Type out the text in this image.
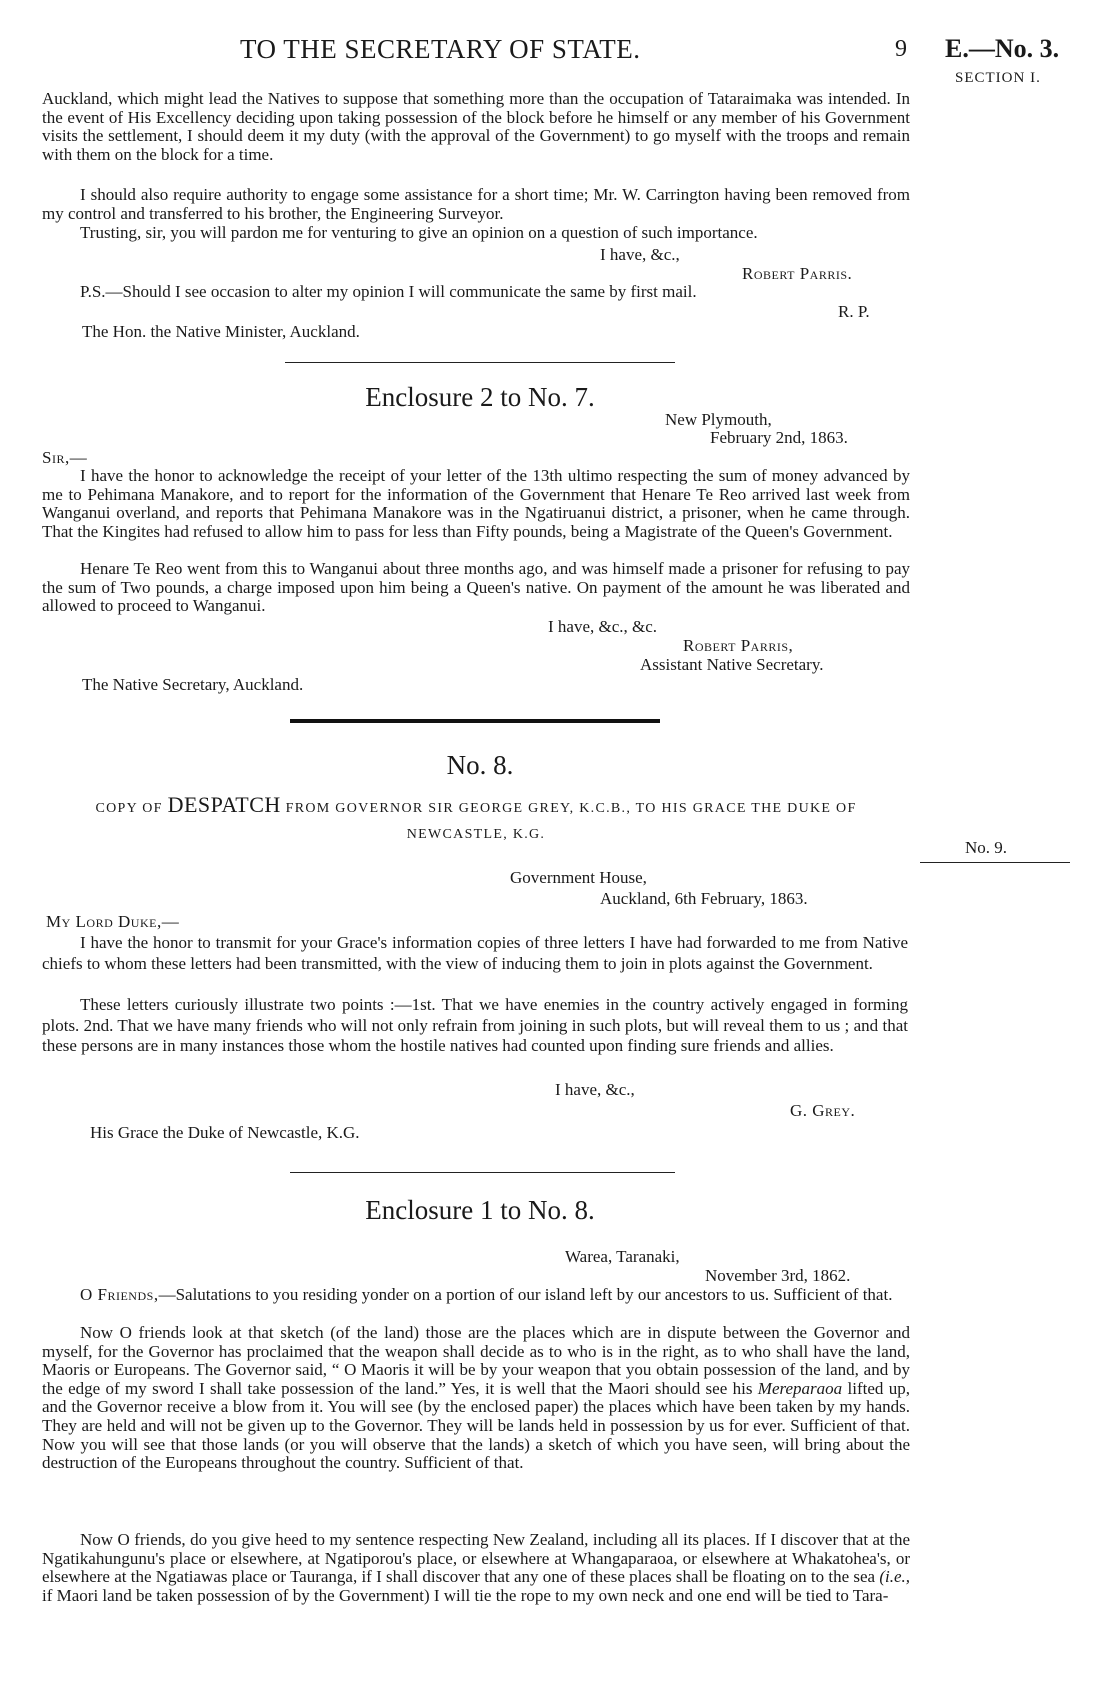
TO THE SECRETARY OF STATE.	9 E.—No. 3.
SECTION I.
No. 9.
Auckland, which might lead the Natives to suppose that something more than the occupation of Tataraimaka was intended. In the event of His Excellency deciding upon taking possession of the block before he himself or any member of his Government visits the settlement, I should deem it my duty (with the approval of the Government) to go myself with the troops and remain with them on the block for a time.
I should also require authority to engage some assistance for a short time; Mr. W. Carrington having been removed from my control and transferred to his brother, the Engineering Surveyor.
Trusting, sir, you will pardon me for venturing to give an opinion on a question of such importance.
I have, &c.,
Robert Parris.
P.S.—Should I see occasion to alter my opinion I will communicate the same by first mail.
R. P.
The Hon. the Native Minister, Auckland.
Enclosure 2 to No. 7.
New Plymouth,
February 2nd, 1863.
Sir,—
I have the honor to acknowledge the receipt of your letter of the 13th ultimo respecting the sum of money advanced by me to Pehimana Manakore, and to report for the information of the Government that Henare Te Reo arrived last week from Wanganui overland, and reports that Pehimana Manakore was in the Ngatiruanui district, a prisoner, when he came through. That the Kingites had refused to allow him to pass for less than Fifty pounds, being a Magistrate of the Queen's Government.
Henare Te Reo went from this to Wanganui about three months ago, and was himself made a prisoner for refusing to pay the sum of Two pounds, a charge imposed upon him being a Queen's native. On payment of the amount he was liberated and allowed to proceed to Wanganui.
I have, &c., &c.
Robert Parris,
Assistant Native Secretary.
The Native Secretary, Auckland.
No. 8.
COPY OF DESPATCH FROM GOVERNOR SIR GEORGE GREY, K.C.B., TO HIS GRACE THE DUKE OF
NEWCASTLE, K.G.
Government House,
Auckland, 6th February, 1863.
My Lord Duke,—
I have the honor to transmit for your Grace's information copies of three letters I have had forwarded to me from Native chiefs to whom these letters had been transmitted, with the view of inducing them to join in plots against the Government.
These letters curiously illustrate two points :—1st. That we have enemies in the country actively engaged in forming plots. 2nd. That we have many friends who will not only refrain from joining in such plots, but will reveal them to us ; and that these persons are in many instances those whom the hostile natives had counted upon finding sure friends and allies.
I have, &c.,
G. Grey.
His Grace the Duke of Newcastle, K.G.
Enclosure 1 to No. 8.
Warea, Taranaki,
November 3rd, 1862.
O Friends,—Salutations to you residing yonder on a portion of our island left by our ancestors to us. Sufficient of that.
Now O friends look at that sketch (of the land) those are the places which are in dispute between the Governor and myself, for the Governor has proclaimed that the weapon shall decide as to who is in the right, as to who shall have the land, Maoris or Europeans. The Governor said, “ O Maoris it will be by your weapon that you obtain possession of the land, and by the edge of my sword I shall take possession of the land.” Yes, it is well that the Maori should see his Mereparaoa lifted up, and the Governor receive a blow from it. You will see (by the enclosed paper) the places which have been taken by my hands. They are held and will not be given up to the Governor. They will be lands held in possession by us for ever. Sufficient of that. Now you will see that those lands (or you will observe that the lands) a sketch of which you have seen, will bring about the destruction of the Europeans throughout the country. Sufficient of that.
Now O friends, do you give heed to my sentence respecting New Zealand, including all its places. If I discover that at the Ngatikahungunu's place or elsewhere, at Ngatiporou's place, or elsewhere at Whangaparaoa, or elsewhere at Whakatohea's, or elsewhere at the Ngatiawas place or Tauranga, if I shall discover that any one of these places shall be floating on to the sea (i.e., if Maori land be taken possession of by the Government) I will tie the rope to my own neck and one end will be tied to Tara-
